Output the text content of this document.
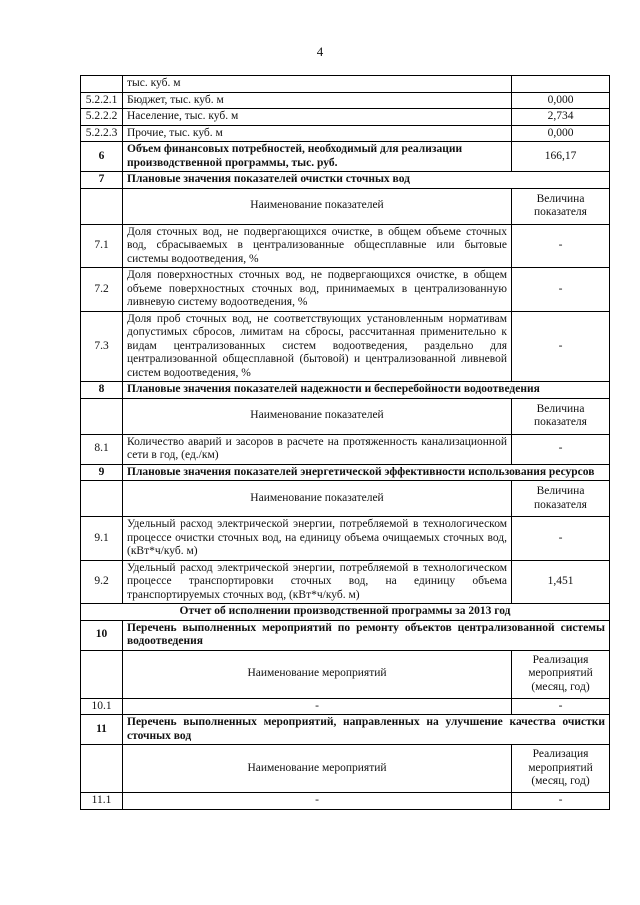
4
	тыс. куб. м	
5.2.2.1	Бюджет, тыс. куб. м	0,000
5.2.2.2	Население, тыс. куб. м	2,734
5.2.2.3	Прочие, тыс. куб. м	0,000
6	Объем финансовых потребностей, необходимый для реализации производственной программы, тыс. руб.	166,17
7	Плановые значения показателей очистки сточных вод	
	Наименование показателей	Величина показателя
7.1	Доля сточных вод, не подвергающихся очистке, в общем объеме сточных вод, сбрасываемых в централизованные общесплавные или бытовые системы водоотведения, %	-
7.2	Доля поверхностных сточных вод, не подвергающихся очистке, в общем объеме поверхностных сточных вод, принимаемых в централизованную ливневую систему водоотведения, %	-
7.3	Доля проб сточных вод, не соответствующих установленным нормативам допустимых сбросов, лимитам на сбросы, рассчитанная применительно к видам централизованных систем водоотведения, раздельно для централизованной общесплавной (бытовой) и централизованной ливневой систем водоотведения, %	-
8	Плановые значения показателей надежности и бесперебойности водоотведения	
	Наименование показателей	Величина показателя
8.1	Количество аварий и засоров в расчете на протяженность канализационной сети в год, (ед./км)	-
9	Плановые значения показателей энергетической эффективности использования ресурсов	
	Наименование показателей	Величина показателя
9.1	Удельный расход электрической энергии, потребляемой в технологическом процессе очистки сточных вод, на единицу объема очищаемых сточных вод, (кВт*ч/куб. м)	-
9.2	Удельный расход электрической энергии, потребляемой в технологическом процессе транспортировки сточных вод, на единицу объема транспортируемых сточных вод, (кВт*ч/куб. м)	1,451
Отчет об исполнении производственной программы за 2013 год		
10	Перечень выполненных мероприятий по ремонту объектов централизованной системы водоотведения	
	Наименование мероприятий	Реализация мероприятий (месяц, год)
10.1	-	-
11	Перечень выполненных мероприятий, направленных на улучшение качества очистки сточных вод	
	Наименование мероприятий	Реализация мероприятий (месяц, год)
11.1	-	-
